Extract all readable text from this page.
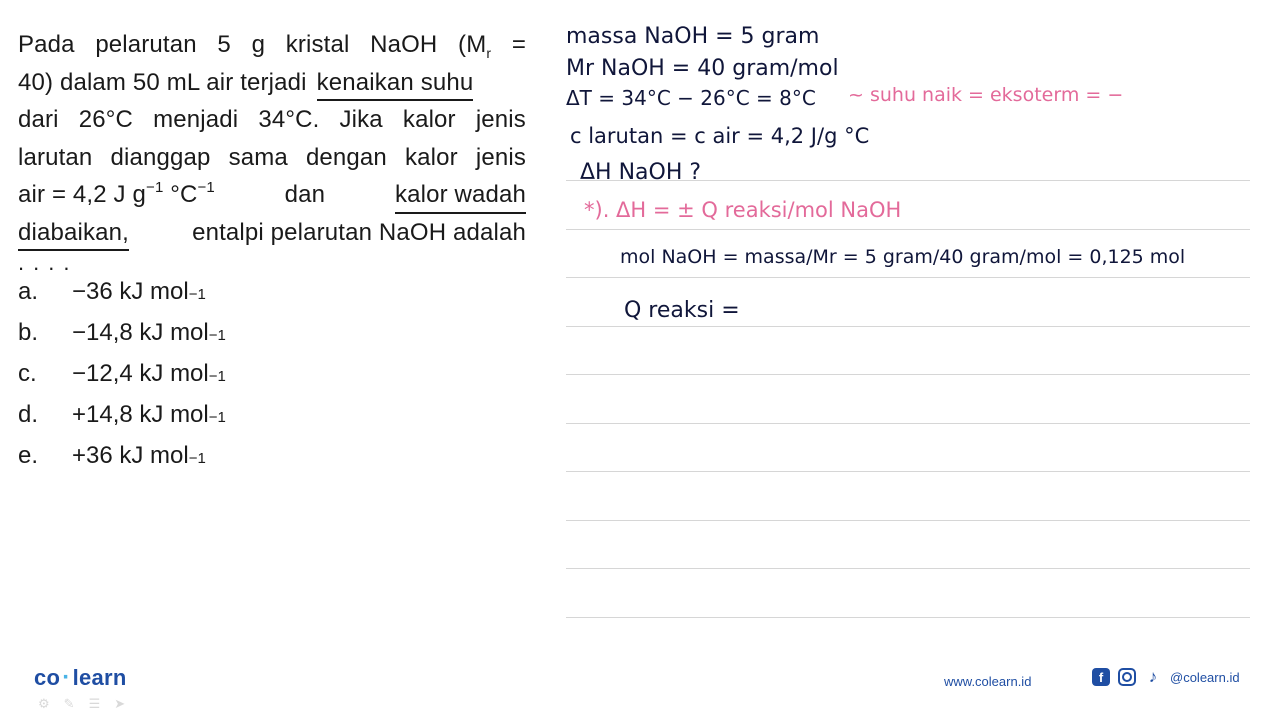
Pada pelarutan 5 g kristal NaOH ($M_r$ =
40) dalam 50 mL air terjadi kenaikan suhu
dari 26°C menjadi 34°C. Jika kalor jenis
larutan dianggap sama dengan kalor jenis
air = 4,2 J $g^{-1}$ $^\circ C^{-1}$	dan	kalor wadah
diabaikan,	entalpi pelarutan NaOH adalah
....
a.	−36 kJ mol −1
b.	−14,8 kJ mol −1
c.	−12,4 kJ mol −1
d.	+14,8 kJ mol −1
e.	+36 kJ mol −1
massa NaOH = 5 gram
Mr NaOH = 40 gram/mol
ΔT = 34°C − 26°C = 8°C ~ suhu naik = eksoterm = −
c larutan = c air = 4,2 J/g °C
ΔH NaOH ?
*). ΔH = ± Q reaksi/mol NaOH
mol NaOH = massa/Mr = 5 gram/40 gram/mol = 0,125 mol
Q reaksi =
co·learn
⚙ ✎ ☰ ➤
www.colearn.id	f	♪ @colearn.id
